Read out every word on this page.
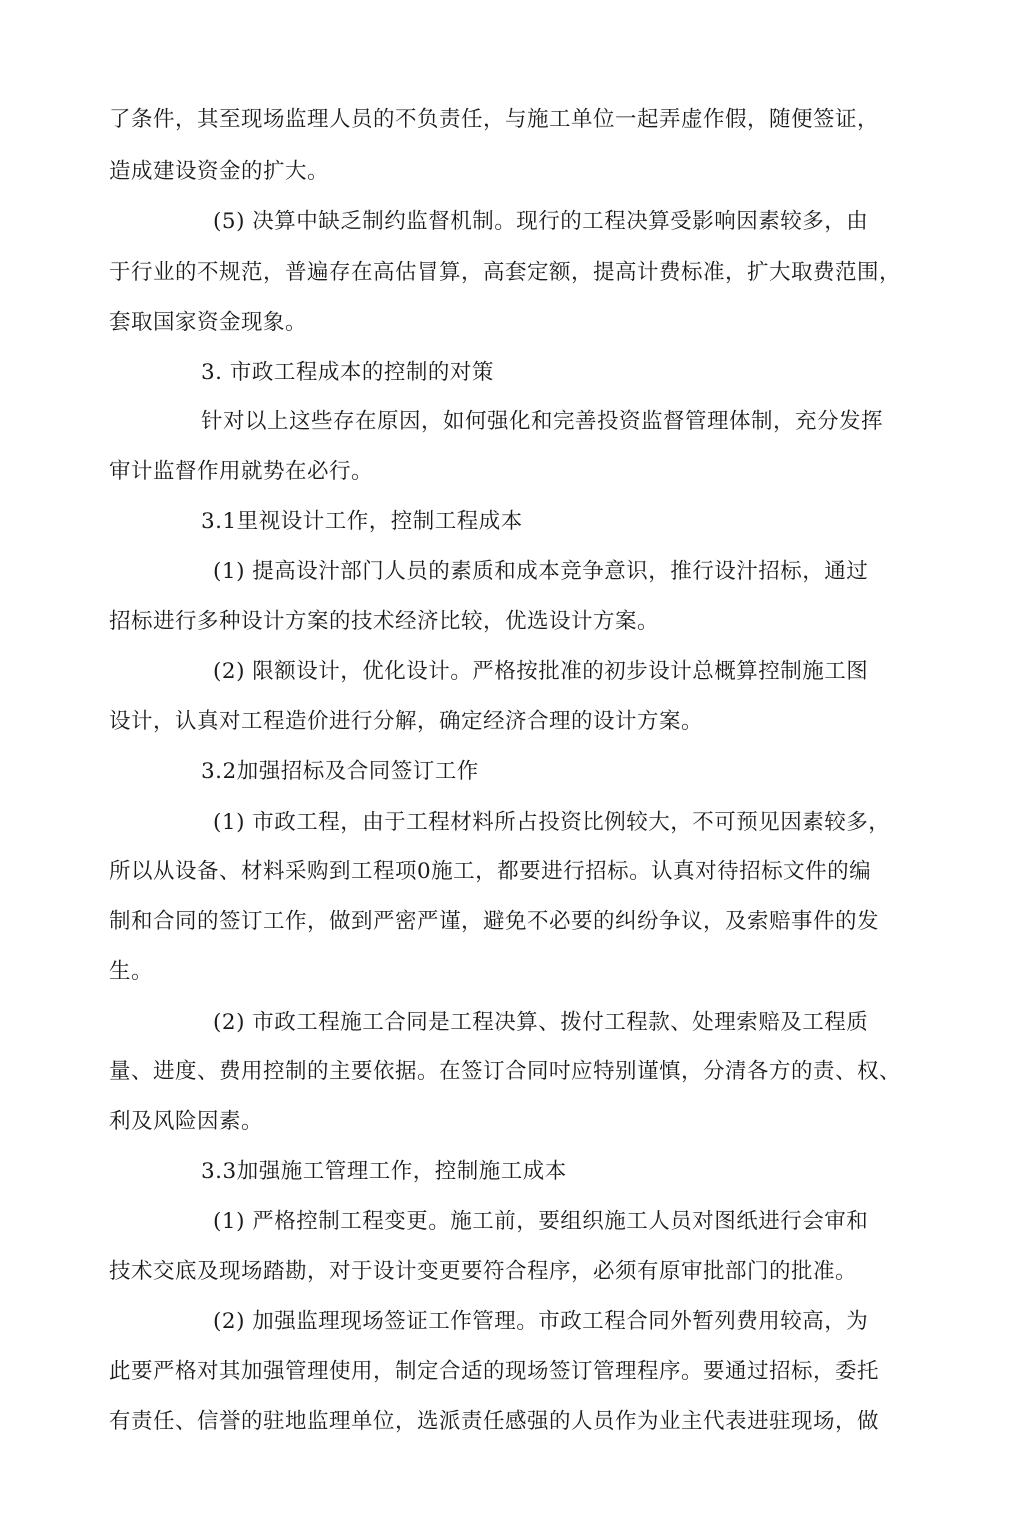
了条件，其至现场监理人员的不负责任，与施工单位一起弄虚作假，随便签证，
造成建设资金的扩大。
(5) 决算中缺乏制约监督机制。现行的工程决算受影响因素较多，由
于行业的不规范，普遍存在高估冒算，高套定额，提高计费标准，扩大取费范围，
套取国家资金现象。
3. 市政工程成本的控制的对策
针对以上这些存在原因，如何强化和完善投资监督管理体制，充分发挥
审计监督作用就势在必行。
3.1里视设计工作，控制工程成本
(1) 提高设汁部门人员的素质和成本竞争意识，推行设汁招标，通过
招标进行多种设计方案的技术经济比较，优选设计方案。
(2) 限额设计，优化设计。严格按批准的初步设计总概算控制施工图
设计，认真对工程造价进行分解，确定经济合理的设计方案。
3.2加强招标及合同签订工作
(1) 市政工程，由于工程材料所占投资比例较大，不可预见因素较多，
所以从设备、材料采购到工程项0施工，都要进行招标。认真对待招标文件的编
制和合同的签订工作，做到严密严谨，避免不必要的纠纷争议，及索赔事件的发
生。
(2) 市政工程施工合同是工程决算、拨付工程款、处理索赔及工程质
量、进度、费用控制的主要依据。在签订合同吋应特别谨慎，分清各方的责、权、
利及风险因素。
3.3加强施工管理工作，控制施工成本
(1) 严格控制工程变更。施工前，要组织施工人员对图纸进行会审和
技术交底及现场踏勘，对于设计变更要符合程序，必须有原审批部门的批准。
(2) 加强监理现场签证工作管理。市政工程合同外暂列费用较高，为
此要严格对其加强管理使用，制定合适的现场签订管理程序。要通过招标，委托
有责任、信誉的驻地监理单位，选派责任感强的人员作为业主代表进驻现场，做
